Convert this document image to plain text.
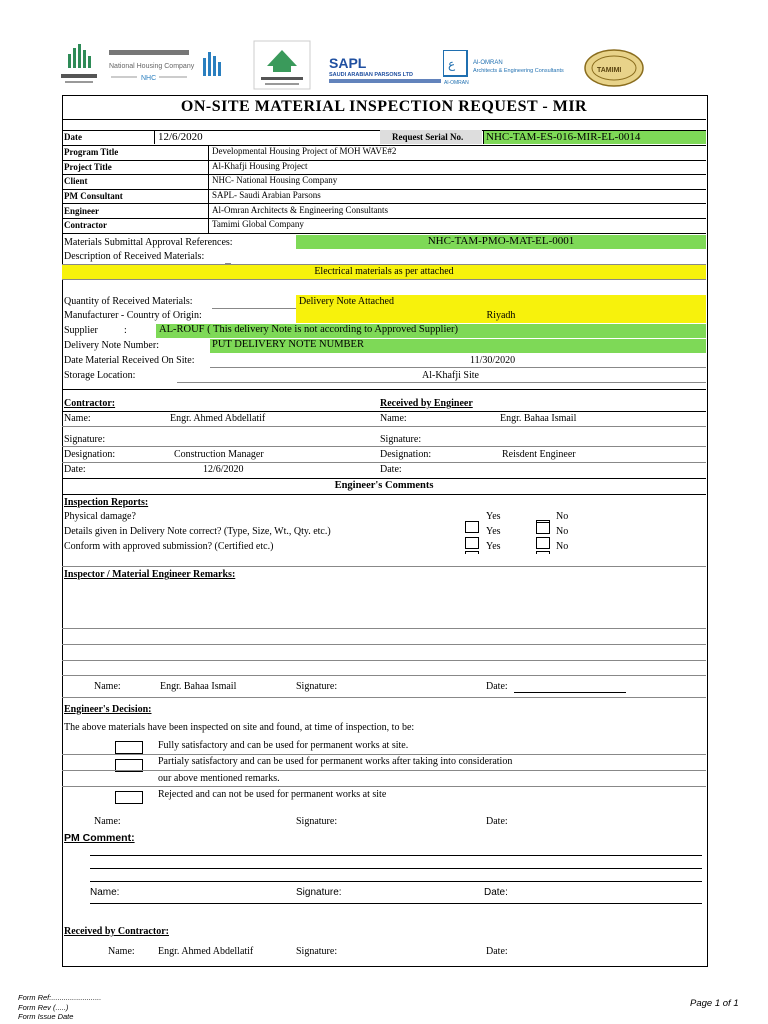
National Housing Company
NHC
SAPL
SAUDI ARABIAN PARSONS LTD
ع
Al-OMRAN
Al-OMRAN
Architects & Engineering Consultants	TAMIMI
ON-SITE MATERIAL INSPECTION REQUEST - MIR
Date	12/6/2020	Request Serial No. NHC-TAM-ES-016-MIR-EL-0014
Program Title	Developmental Housing Project of MOH WAVE#2
Project Title	Al-Khafji Housing Project
Client	NHC- National Housing Company
PM Consultant	SAPL- Saudi Arabian Parsons
Engineer	Al-Omran Architects & Engineering Consultants
Contractor	Tamimi Global Company
Materials Submittal Approval References:	NHC-TAM-PMO-MAT-EL-0001
Description of Received Materials:
Electrical materials as per attached
Quantity of Received Materials:	Delivery Note Attached
Manufacturer - Country of Origin:	Riyadh
Supplier	:	AL-ROUF ( This delivery Note is not according to Approved Supplier)
Delivery Note Number:	PUT DELIVERY NOTE NUMBER
Date Material Received On Site:	11/30/2020
Storage Location:	Al-Khafji Site
Contractor:	Received by Engineer
Name:	Engr. Ahmed Abdellatif	Name:	Engr. Bahaa Ismail
Signature:	Signature:
Designation:	Construction Manager	Designation:	Reisdent Engineer
Date:	12/6/2020	Date:
Engineer's Comments
Inspection Reports:
Physical damage?
Details given in Delivery Note correct? (Type, Size, Wt., Qty. etc.)
Conform with approved submission? (Certified etc.)
Yes	No
Yes	No
Yes	No
Inspector / Material Engineer Remarks:
Name:	Engr. Bahaa Ismail	Signature:	Date:
Engineer's Decision:
The above materials have been inspected on site and found, at time of inspection, to be:
Fully satisfactory and can be used for permanent works at site.
Partialy satisfactory and can be used for permanent works after taking into consideration
our above mentioned remarks.
Rejected and can not be used for permanent works at site
Name:	Signature:	Date:
PM Comment:
Name:	Signature:	Date:
Received by Contractor:
Name: Engr. Ahmed Abdellatif	Signature:	Date:
Form Ref:........................
Form Rev (.....)
Form Issue Date
Page 1 of 1
